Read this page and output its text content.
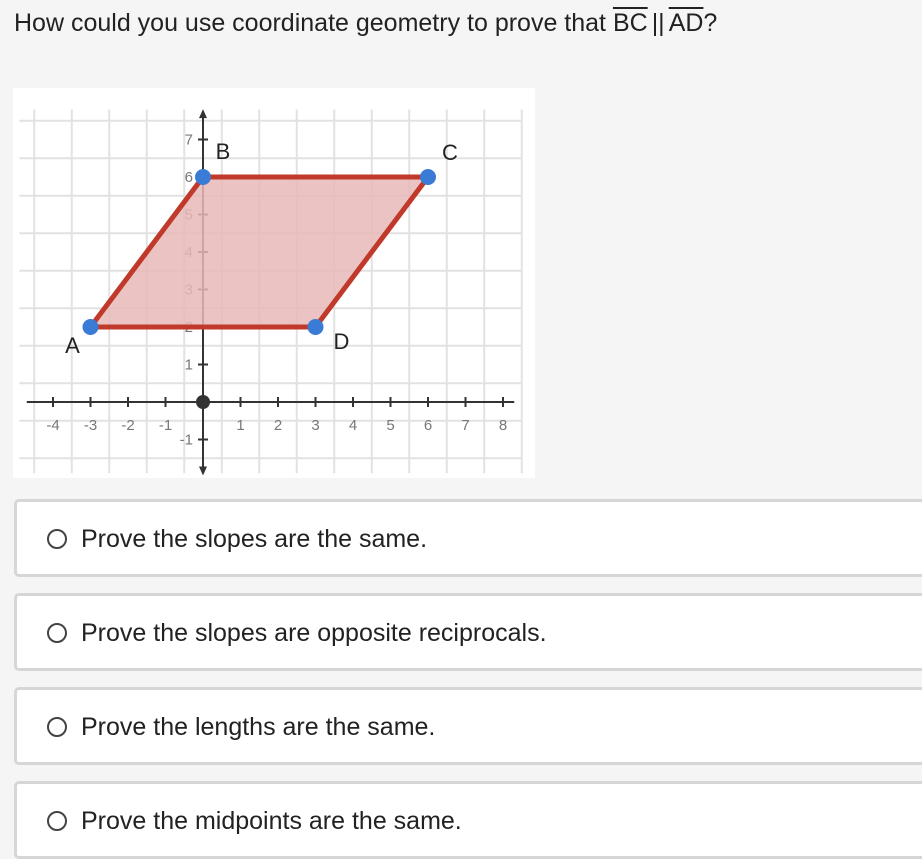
How could you use coordinate geometry to prove that $\overline{BC}$ || $\overline{AD}$?
-4 -3 -2 -1	1 2 3 4 5 6 7 8
7
6
1
-1
A
B	C
D
Prove the slopes are the same.
Prove the slopes are opposite reciprocals.
Prove the lengths are the same.
Prove the midpoints are the same.
